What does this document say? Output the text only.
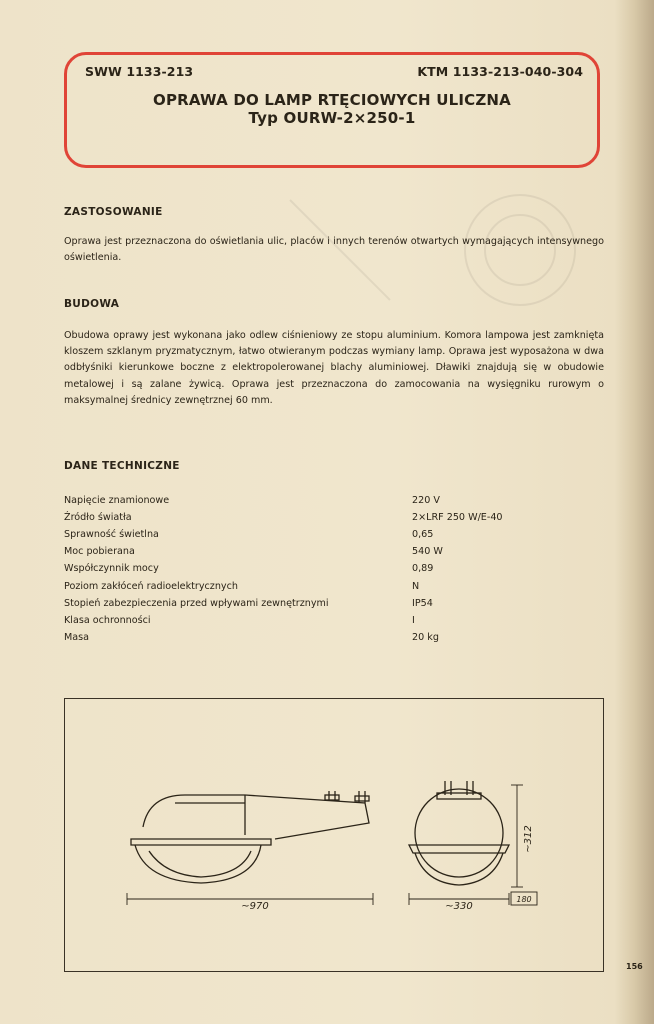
SWW 1133-213	KTM 1133-213-040-304
OPRAWA DO LAMP RTĘCIOWYCH ULICZNA
Typ OURW-2×250-1
ZASTOSOWANIE
Oprawa jest przeznaczona do oświetlania ulic, placów i innych terenów otwartych wymagających intensywnego oświetlenia.
BUDOWA
Obudowa oprawy jest wykonana jako odlew ciśnieniowy ze stopu aluminium. Komora lampowa jest zamknięta kloszem szklanym pryzmatycznym, łatwo otwieranym podczas wymiany lamp. Oprawa jest wyposażona w dwa odbłyśniki kierunkowe boczne z elektropolerowanej blachy aluminiowej. Dławiki znajdują się w obudowie metalowej i są zalane żywicą. Oprawa jest przeznaczona do zamocowania na wysięgniku rurowym o maksymalnej średnicy zewnętrznej 60 mm.
DANE TECHNICZNE
Napięcie znamionowe	220 V
Źródło światła	2×LRF 250 W/E-40
Sprawność świetlna	0,65
Moc pobierana	540 W
Współczynnik mocy	0,89
Poziom zakłóceń radioelektrycznych	N
Stopień zabezpieczenia przed wpływami zewnętrznymi	IP54
Klasa ochronności	I
Masa	20 kg
~970	~330
~312
180
156
